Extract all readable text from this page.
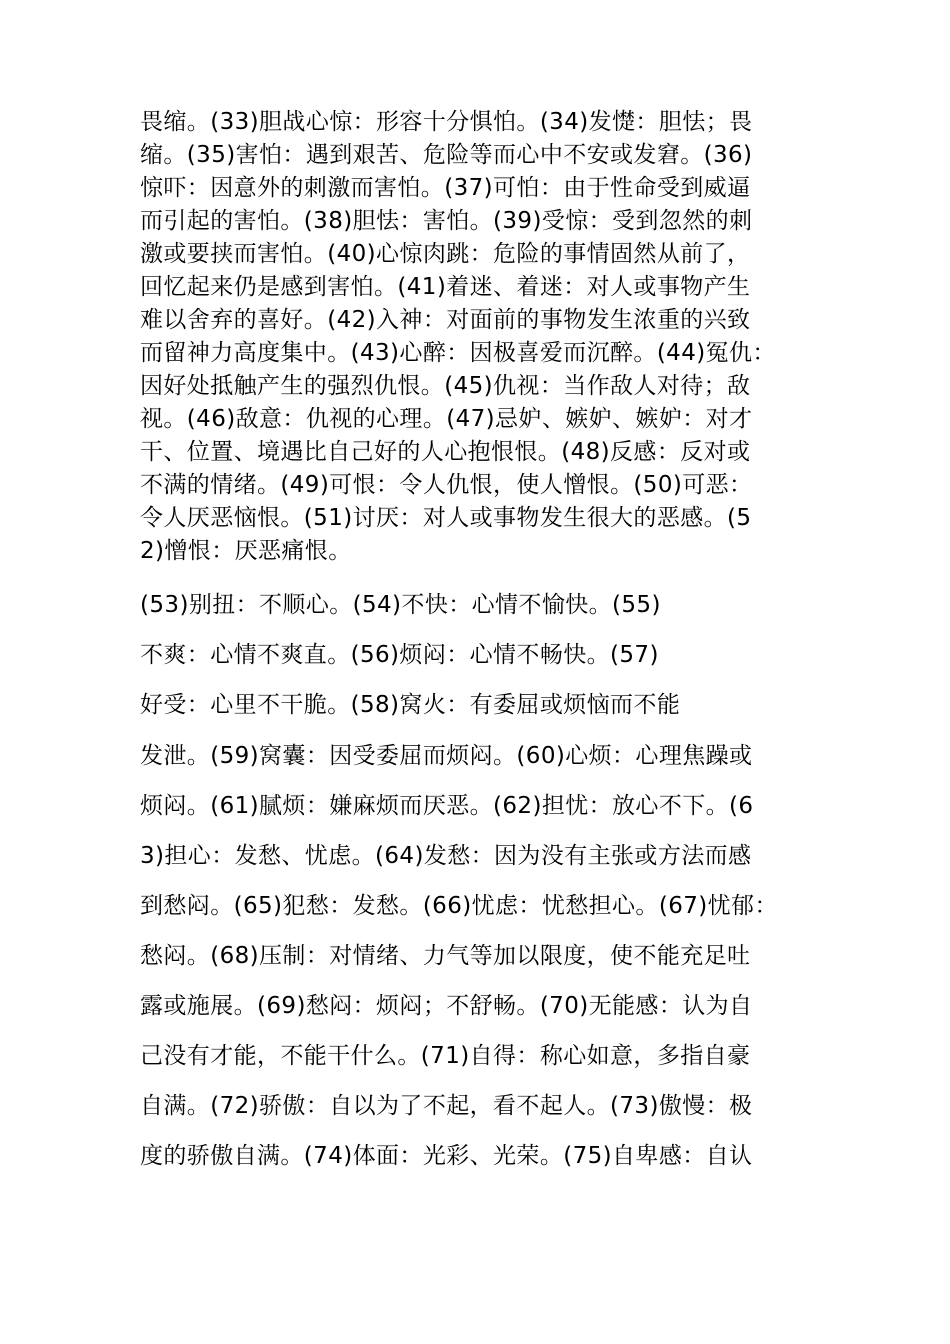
畏缩。(33)胆战心惊：形容十分惧怕。(34)发憷：胆怯；畏
缩。(35)害怕：遇到艰苦、危险等而心中不安或发窘。(36)
惊吓：因意外的刺激而害怕。(37)可怕：由于性命受到威逼
而引起的害怕。(38)胆怯：害怕。(39)受惊：受到忽然的刺
激或要挟而害怕。(40)心惊肉跳：危险的事情固然从前了，
回忆起来仍是感到害怕。(41)着迷、着迷：对人或事物产生
难以舍弃的喜好。(42)入神：对面前的事物发生浓重的兴致
而留神力高度集中。(43)心醉：因极喜爱而沉醉。(44)冤仇：
因好处抵触产生的强烈仇恨。(45)仇视：当作敌人对待；敌
视。(46)敌意：仇视的心理。(47)忌妒、嫉妒、嫉妒：对才
干、位置、境遇比自己好的人心抱恨恨。(48)反感：反对或
不满的情绪。(49)可恨：令人仇恨，使人憎恨。(50)可恶：
令人厌恶恼恨。(51)讨厌：对人或事物发生很大的恶感。(5
2)憎恨：厌恶痛恨。
(53)别扭：不顺心。(54)不快：心情不愉快。(55)
不爽：心情不爽直。(56)烦闷：心情不畅快。(57)
好受：心里不干脆。(58)窝火：有委屈或烦恼而不能
发泄。(59)窝囊：因受委屈而烦闷。(60)心烦：心理焦躁或
烦闷。(61)腻烦：嫌麻烦而厌恶。(62)担忧：放心不下。(6
3)担心：发愁、忧虑。(64)发愁：因为没有主张或方法而感
到愁闷。(65)犯愁：发愁。(66)忧虑：忧愁担心。(67)忧郁：
愁闷。(68)压制：对情绪、力气等加以限度，使不能充足吐
露或施展。(69)愁闷：烦闷；不舒畅。(70)无能感：认为自
己没有才能，不能干什么。(71)自得：称心如意，多指自豪
自满。(72)骄傲：自以为了不起，看不起人。(73)傲慢：极
度的骄傲自满。(74)体面：光彩、光荣。(75)自卑感：自认
